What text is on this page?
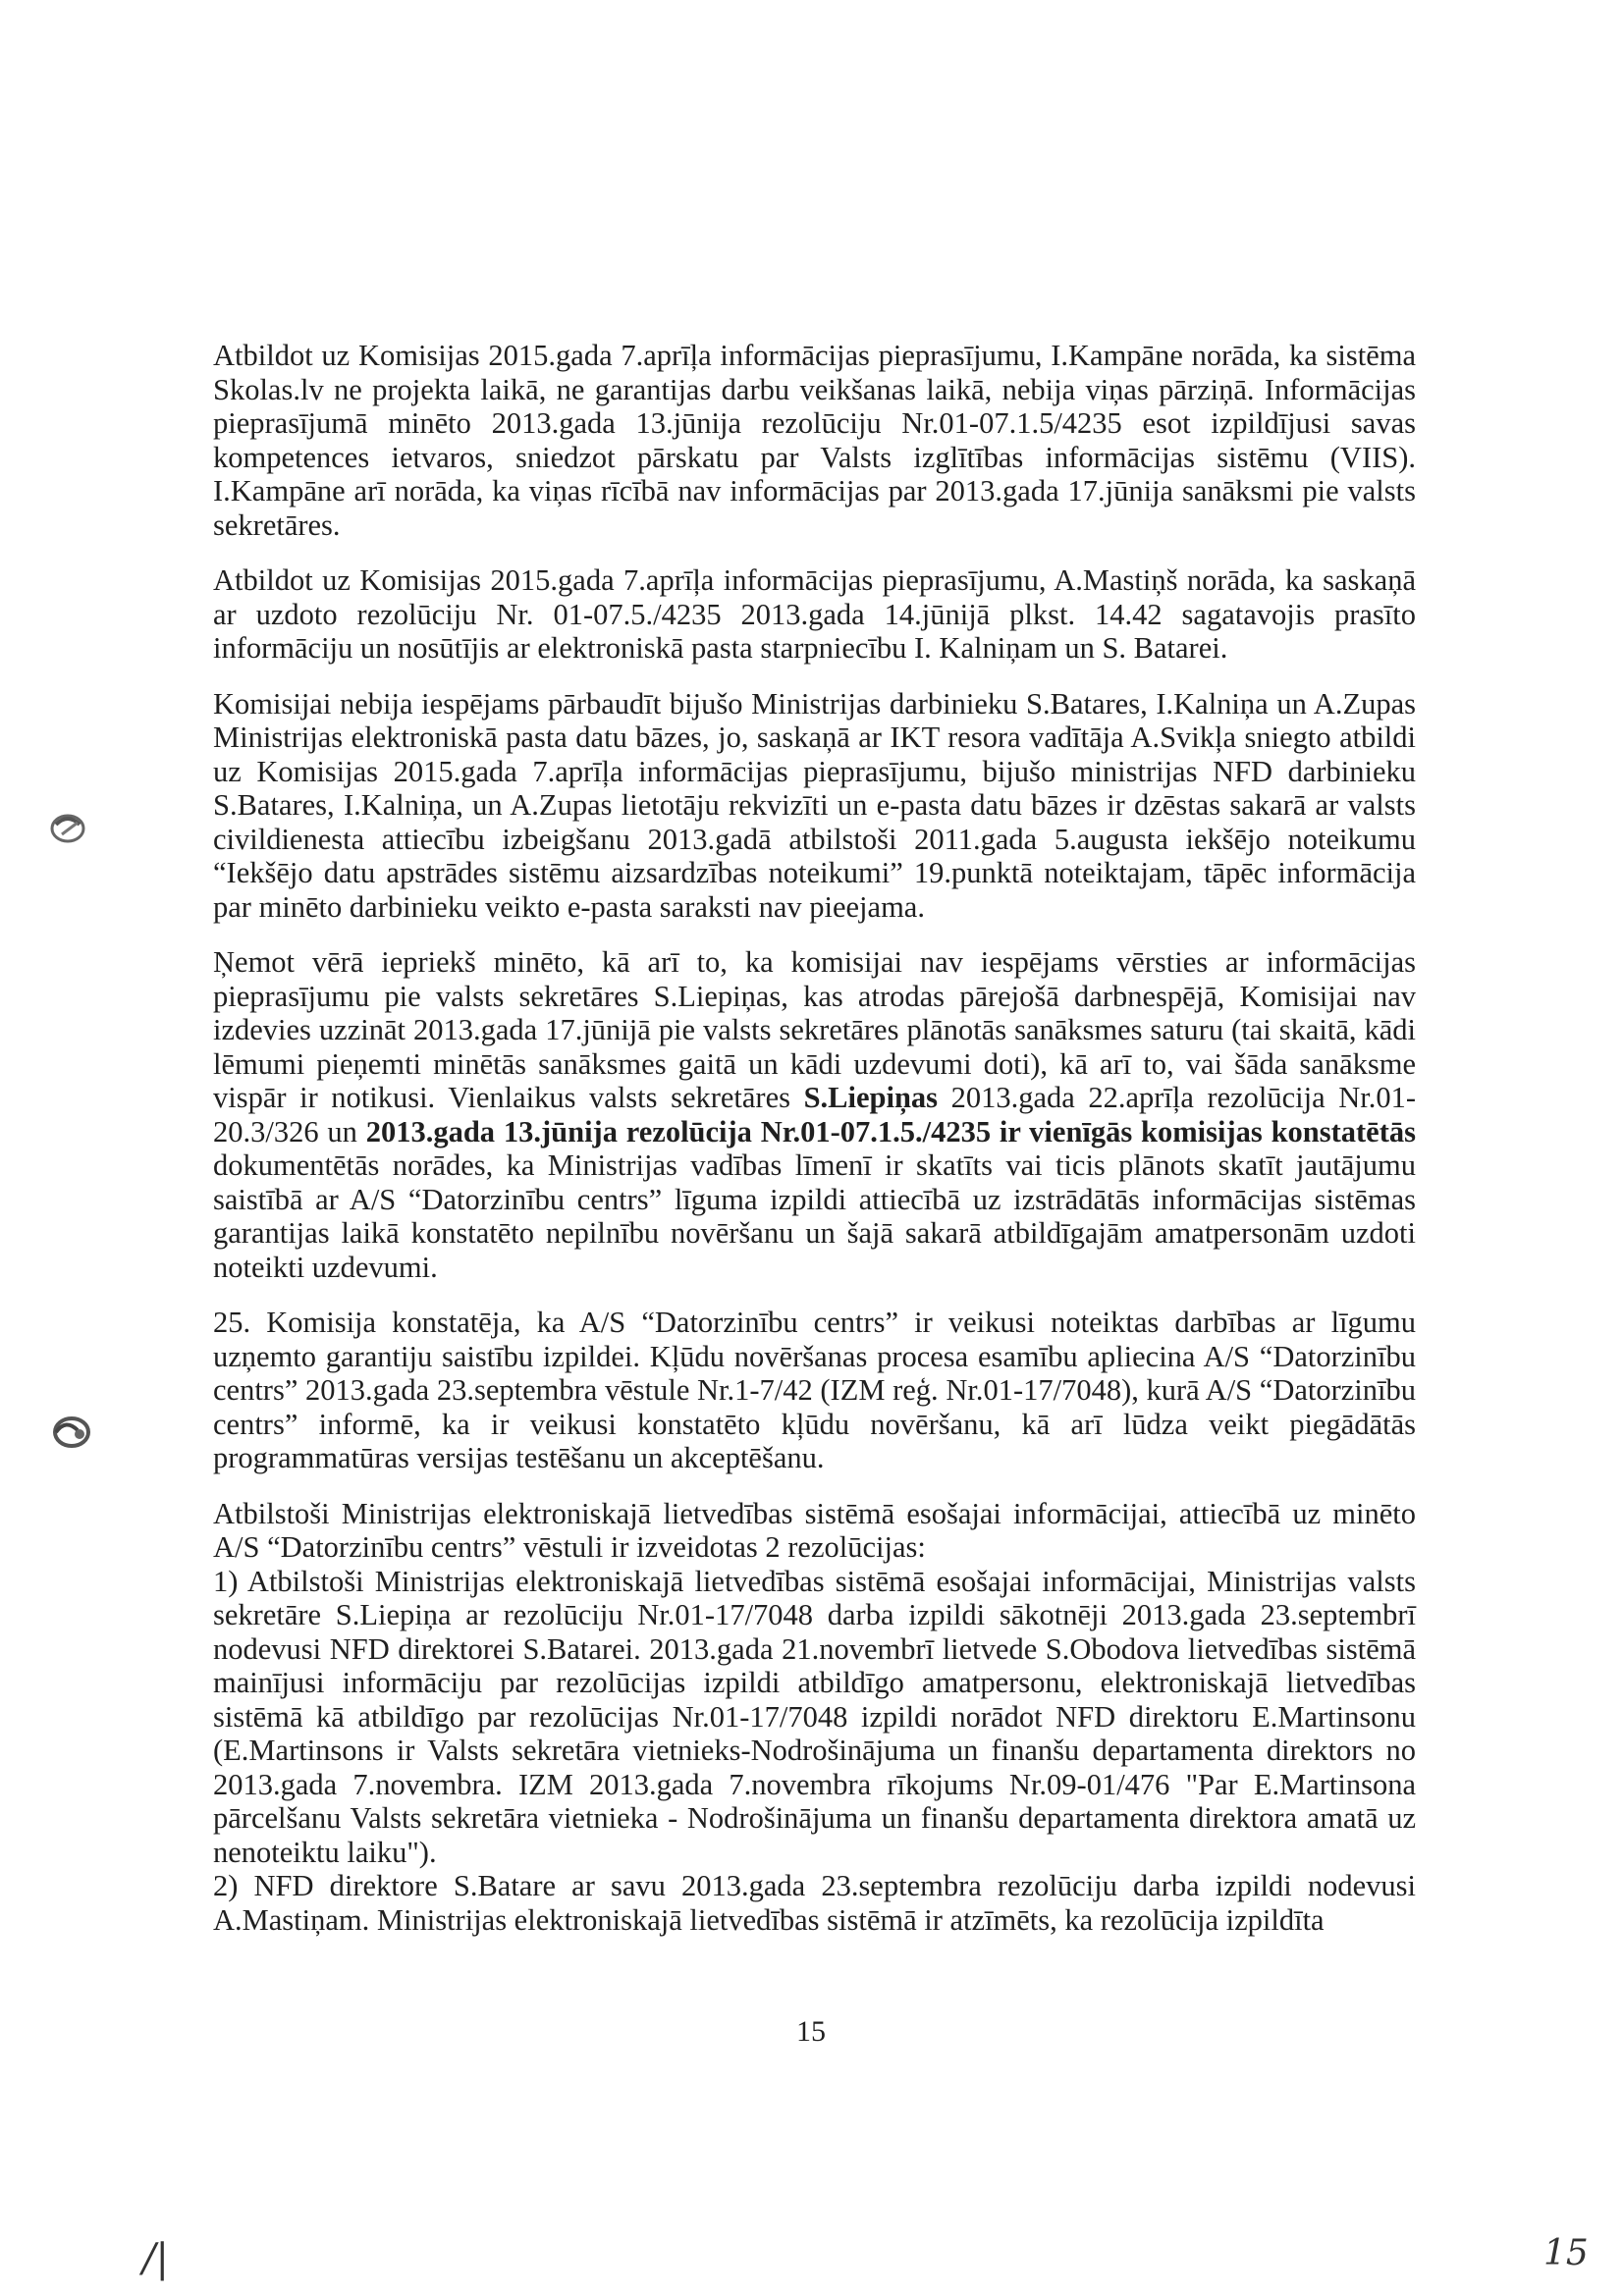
Atbildot uz Komisijas 2015.gada 7.aprīļa informācijas pieprasījumu, I.Kampāne norāda, ka sistēma Skolas.lv ne projekta laikā, ne garantijas darbu veikšanas laikā, nebija viņas pārziņā. Informācijas pieprasījumā minēto 2013.gada 13.jūnija rezolūciju Nr.01-07.1.5/4235 esot izpildījusi savas kompetences ietvaros, sniedzot pārskatu par Valsts izglītības informācijas sistēmu (VIIS). I.Kampāne arī norāda, ka viņas rīcībā nav informācijas par 2013.gada 17.jūnija sanāksmi pie valsts sekretāres.

Atbildot uz Komisijas 2015.gada 7.aprīļa informācijas pieprasījumu, A.Mastiņš norāda, ka saskaņā ar uzdoto rezolūciju Nr. 01-07.5./4235 2013.gada 14.jūnijā plkst. 14.42 sagatavojis prasīto informāciju un nosūtījis ar elektroniskā pasta starpniecību I. Kalniņam un S. Batarei.

Komisijai nebija iespējams pārbaudīt bijušo Ministrijas darbinieku S.Batares, I.Kalniņa un A.Zupas Ministrijas elektroniskā pasta datu bāzes, jo, saskaņā ar IKT resora vadītāja A.Svikļa sniegto atbildi uz Komisijas 2015.gada 7.aprīļa informācijas pieprasījumu, bijušo ministrijas NFD darbinieku S.Batares, I.Kalniņa, un A.Zupas lietotāju rekvizīti un e-pasta datu bāzes ir dzēstas sakarā ar valsts civildienesta attiecību izbeigšanu 2013.gadā atbilstoši 2011.gada 5.augusta iekšējo noteikumu “Iekšējo datu apstrādes sistēmu aizsardzības noteikumi” 19.punktā noteiktajam, tāpēc informācija par minēto darbinieku veikto e-pasta saraksti nav pieejama.

Ņemot vērā iepriekš minēto, kā arī to, ka komisijai nav iespējams vērsties ar informācijas pieprasījumu pie valsts sekretāres S.Liepiņas, kas atrodas pārejošā darbnespējā, Komisijai nav izdevies uzzināt 2013.gada 17.jūnijā pie valsts sekretāres plānotās sanāksmes saturu (tai skaitā, kādi lēmumi pieņemti minētās sanāksmes gaitā un kādi uzdevumi doti), kā arī to, vai šāda sanāksme vispār ir notikusi. Vienlaikus valsts sekretāres S.Liepiņas 2013.gada 22.aprīļa rezolūcija Nr.01-20.3/326 un 2013.gada 13.jūnija rezolūcija Nr.01-07.1.5./4235 ir vienīgās komisijas konstatētās dokumentētās norādes, ka Ministrijas vadības līmenī ir skatīts vai ticis plānots skatīt jautājumu saistībā ar A/S “Datorzinību centrs” līguma izpildi attiecībā uz izstrādātās informācijas sistēmas garantijas laikā konstatēto nepilnību novēršanu un šajā sakarā atbildīgajām amatpersonām uzdoti noteikti uzdevumi.

25. Komisija konstatēja, ka A/S “Datorzinību centrs” ir veikusi noteiktas darbības ar līgumu uzņemto garantiju saistību izpildei. Kļūdu novēršanas procesa esamību apliecina A/S “Datorzinību centrs” 2013.gada 23.septembra vēstule Nr.1-7/42 (IZM reģ. Nr.01-17/7048), kurā A/S “Datorzinību centrs” informē, ka ir veikusi konstatēto kļūdu novēršanu, kā arī lūdza veikt piegādātās programmatūras versijas testēšanu un akceptēšanu.

Atbilstoši Ministrijas elektroniskajā lietvedības sistēmā esošajai informācijai, attiecībā uz minēto A/S “Datorzinību centrs” vēstuli ir izveidotas 2 rezolūcijas:

1) Atbilstoši Ministrijas elektroniskajā lietvedības sistēmā esošajai informācijai, Ministrijas valsts sekretāre S.Liepiņa ar rezolūciju Nr.01-17/7048 darba izpildi sākotnēji 2013.gada 23.septembrī nodevusi NFD direktorei S.Batarei. 2013.gada 21.novembrī lietvede S.Obodova lietvedības sistēmā mainījusi informāciju par rezolūcijas izpildi atbildīgo amatpersonu, elektroniskajā lietvedības sistēmā kā atbildīgo par rezolūcijas Nr.01-17/7048 izpildi norādot NFD direktoru E.Martinsonu (E.Martinsons ir Valsts sekretāra vietnieks-Nodrošinājuma un finanšu departamenta direktors no 2013.gada 7.novembra. IZM 2013.gada 7.novembra rīkojums Nr.09-01/476 "Par E.Martinsona pārcelšanu Valsts sekretāra vietnieka - Nodrošinājuma un finanšu departamenta direktora amatā uz nenoteiktu laiku").

2) NFD direktore S.Batare ar savu 2013.gada 23.septembra rezolūciju darba izpildi nodevusi A.Mastiņam. Ministrijas elektroniskajā lietvedības sistēmā ir atzīmēts, ka rezolūcija izpildīta

15
/|	15
